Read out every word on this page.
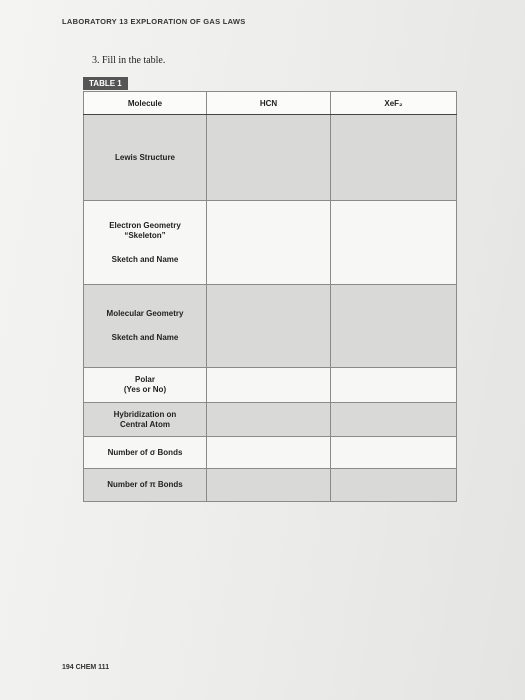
LABORATORY 13 EXPLORATION OF GAS LAWS
3. Fill in the table.
TABLE 1
Molecule	HCN	XeF₂

Lewis Structure		

Electron Geometry
“Skeleton”
Sketch and Name		

Molecular Geometry
Sketch and Name		

Polar
(Yes or No)		

Hybridization on
Central Atom		

Number of σ Bonds		

Number of π Bonds		

194 CHEM 111
